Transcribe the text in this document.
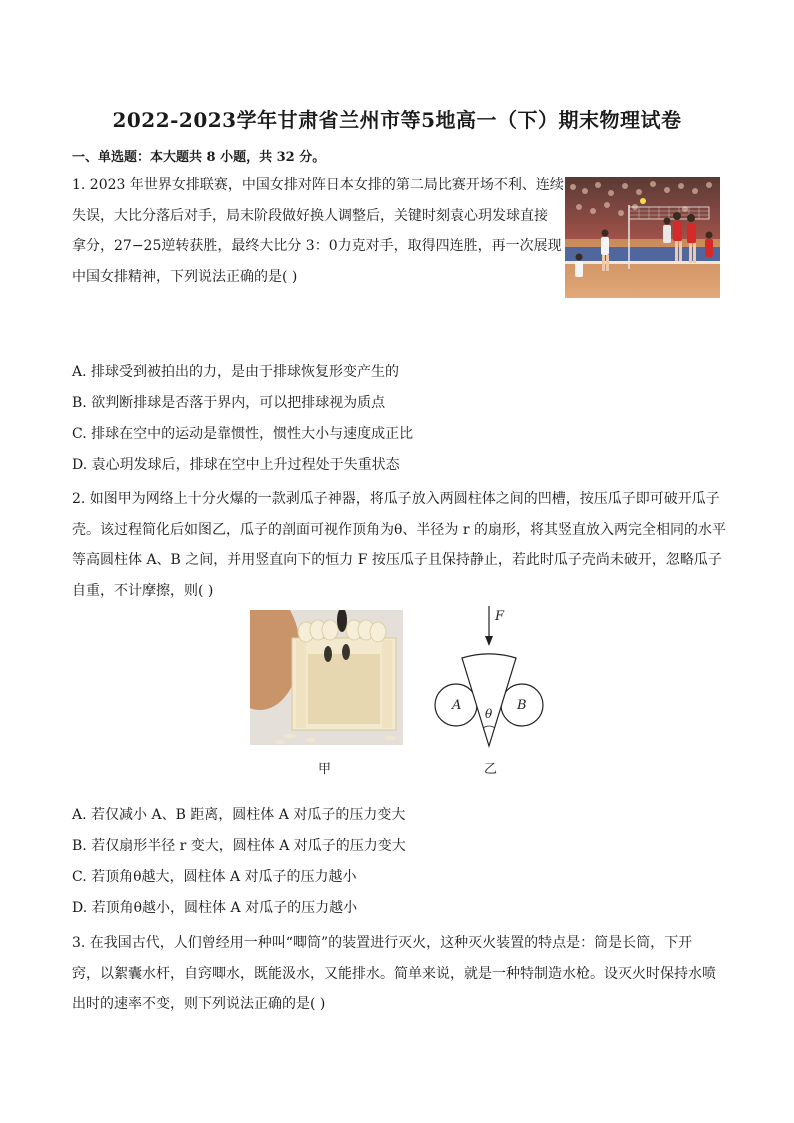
2022-2023学年甘肃省兰州市等5地高一（下）期末物理试卷
一、单选题：本大题共 8 小题，共 32 分。
1. 2023 年世界女排联赛，中国女排对阵日本女排的第二局比赛开场不利、连续
失误，大比分落后对手，局末阶段做好换人调整后，关键时刻袁心玥发球直接
拿分，27−25逆转获胜，最终大比分 3：0力克对手，取得四连胜，再一次展现
中国女排精神，下列说法正确的是( )
A. 排球受到被拍出的力，是由于排球恢复形变产生的
B. 欲判断排球是否落于界内，可以把排球视为质点
C. 排球在空中的运动是靠惯性，惯性大小与速度成正比
D. 袁心玥发球后，排球在空中上升过程处于失重状态
2. 如图甲为网络上十分火爆的一款剥瓜子神器，将瓜子放入两圆柱体之间的凹槽，按压瓜子即可破开瓜子
壳。该过程简化后如图乙，瓜子的剖面可视作顶角为θ、半径为 r 的扇形，将其竖直放入两完全相同的水平
等高圆柱体 A、B 之间，并用竖直向下的恒力 F 按压瓜子且保持静止，若此时瓜子壳尚未破开，忽略瓜子
自重，不计摩擦，则( )
甲
F
A	B
θ
乙
A. 若仅减小 A、B 距离，圆柱体 A 对瓜子的压力变大
B. 若仅扇形半径 r 变大，圆柱体 A 对瓜子的压力变大
C. 若顶角θ越大，圆柱体 A 对瓜子的压力越小
D. 若顶角θ越小，圆柱体 A 对瓜子的压力越小
3. 在我国古代，人们曾经用一种叫“唧筒”的装置进行灭火，这种灭火装置的特点是：筒是长筒，下开
窍，以絮囊水杆，自窍唧水，既能汲水，又能排水。简单来说，就是一种特制造水枪。设灭火时保持水喷
出时的速率不变，则下列说法正确的是( )
